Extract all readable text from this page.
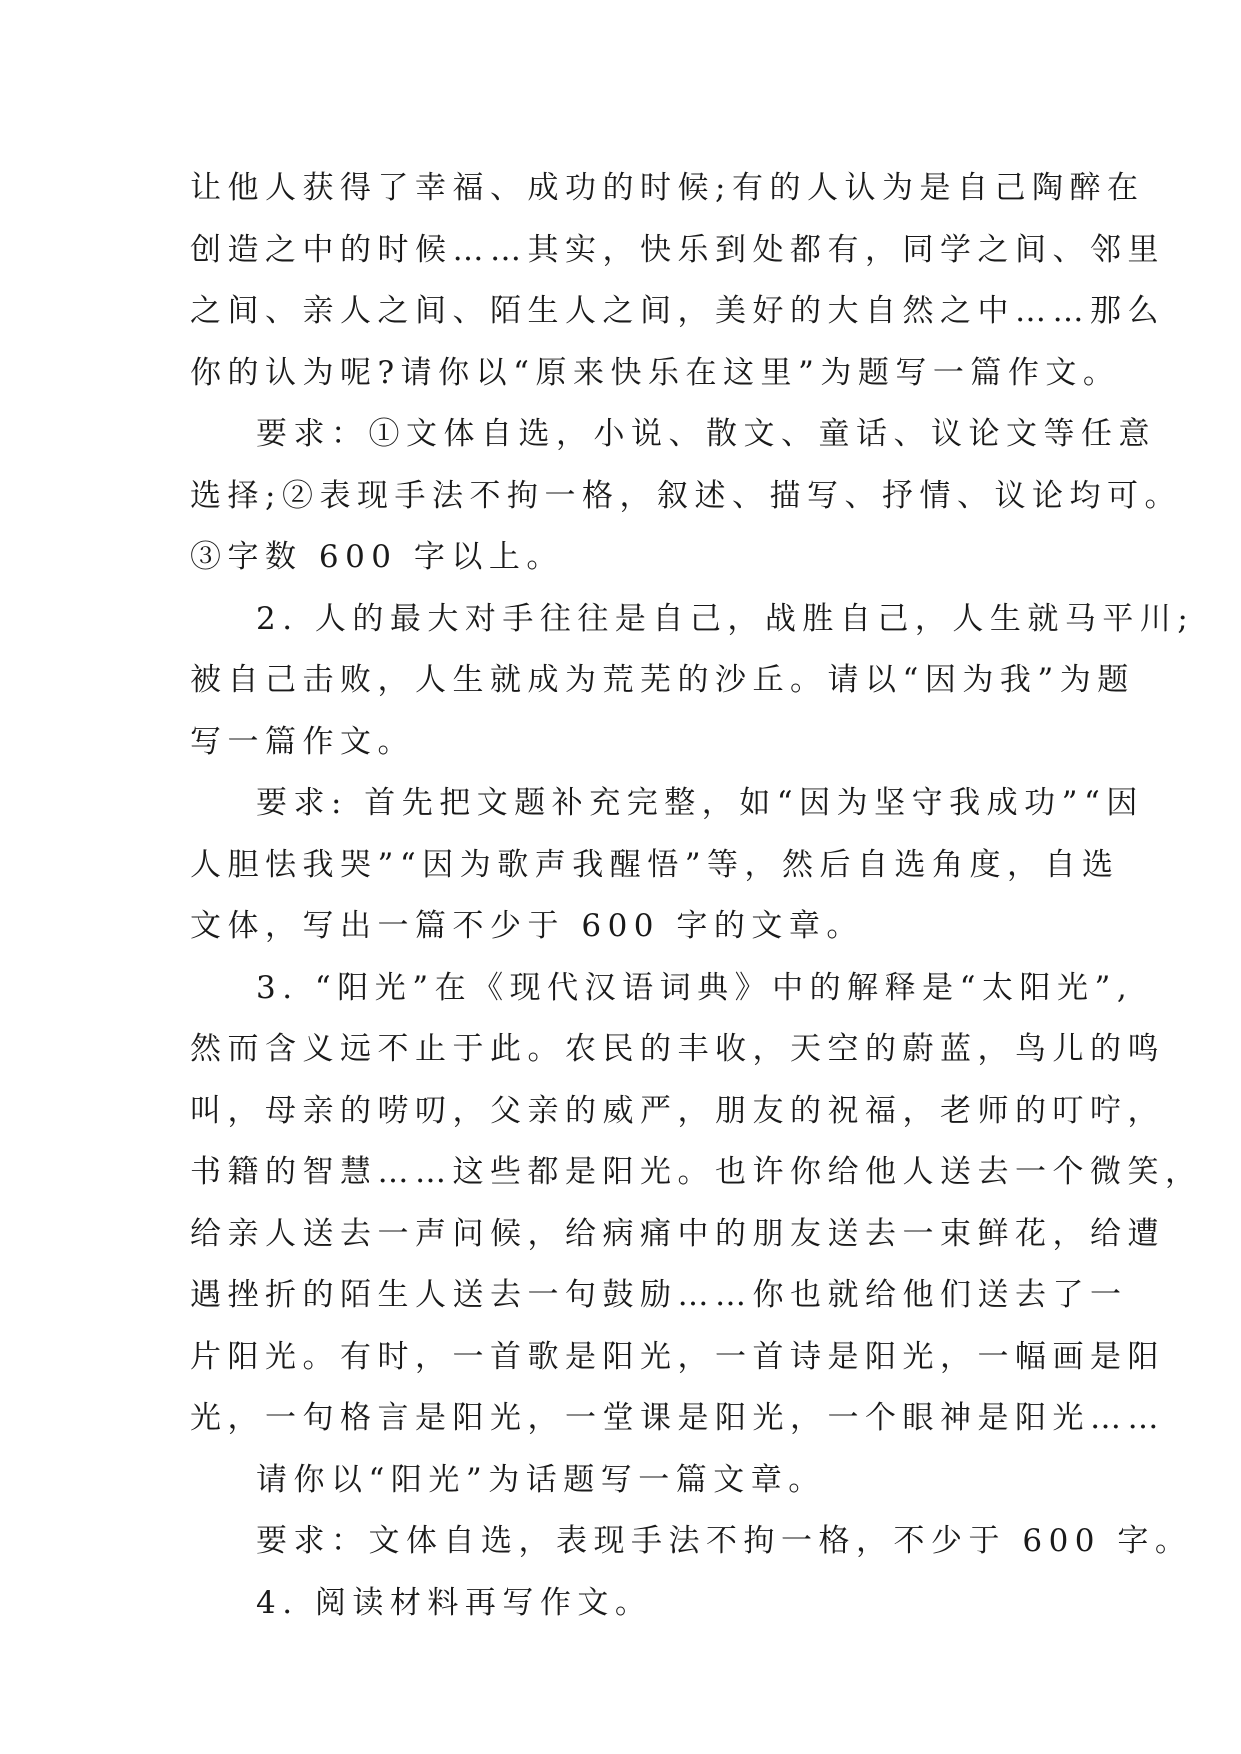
让他人获得了幸福、成功的时候;有的人认为是自己陶醉在
创造之中的时候……其实，快乐到处都有，同学之间、邻里
之间、亲人之间、陌生人之间，美好的大自然之中……那么
你的认为呢?请你以“原来快乐在这里”为题写一篇作文。
要求：①文体自选，小说、散文、童话、议论文等任意
选择;②表现手法不拘一格，叙述、描写、抒情、议论均可。
③字数 600 字以上。
2. 人的最大对手往往是自己，战胜自己，人生就马平川;
被自己击败，人生就成为荒芜的沙丘。请以“因为我”为题
写一篇作文。
要求: 首先把文题补充完整，如“因为坚守我成功”“因
人胆怯我哭”“因为歌声我醒悟”等，然后自选角度，自选
文体，写出一篇不少于 600 字的文章。
3. “阳光”在《现代汉语词典》中的解释是“太阳光”,
然而含义远不止于此。农民的丰收，天空的蔚蓝，鸟儿的鸣
叫，母亲的唠叨，父亲的威严，朋友的祝福，老师的叮咛，
书籍的智慧……这些都是阳光。也许你给他人送去一个微笑，
给亲人送去一声问候，给病痛中的朋友送去一束鲜花，给遭
遇挫折的陌生人送去一句鼓励……你也就给他们送去了一
片阳光。有时，一首歌是阳光，一首诗是阳光，一幅画是阳
光，一句格言是阳光，一堂课是阳光，一个眼神是阳光……
请你以“阳光”为话题写一篇文章。
要求：文体自选，表现手法不拘一格，不少于 600 字。
4. 阅读材料再写作文。
